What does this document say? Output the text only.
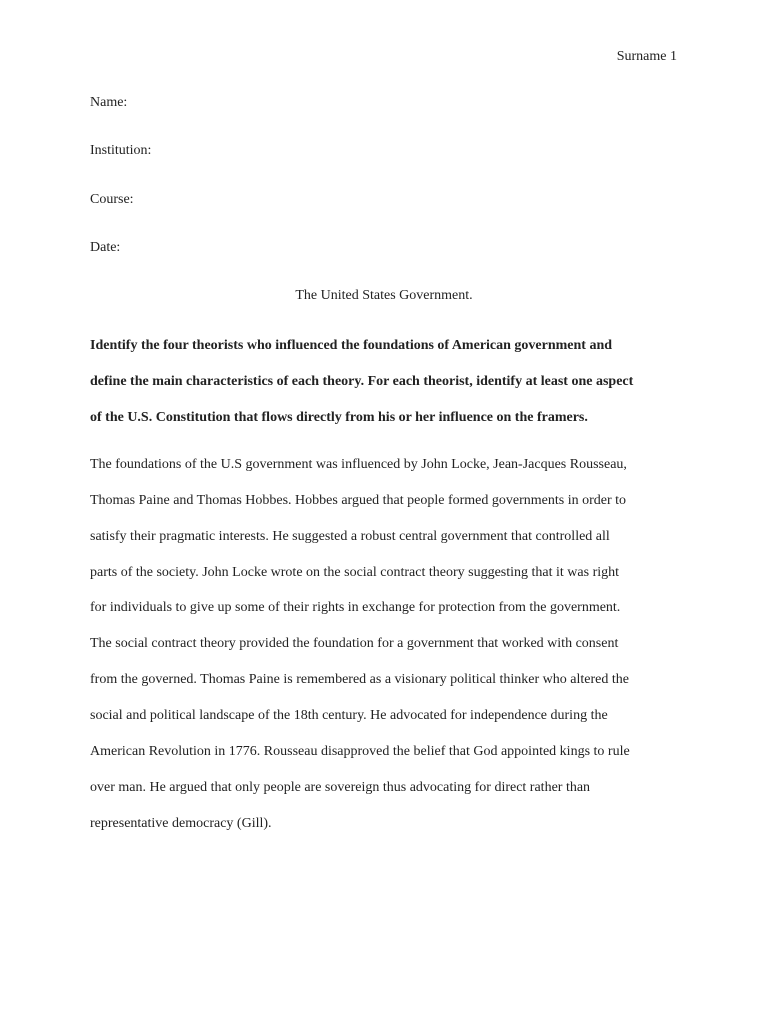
Surname 1
Name:
Institution:
Course:
Date:
The United States Government.
Identify the four theorists who influenced the foundations of American government and
define the main characteristics of each theory. For each theorist, identify at least one aspect
of the U.S. Constitution that flows directly from his or her influence on the framers.
The foundations of the U.S government was influenced by John Locke, Jean-Jacques Rousseau,
Thomas Paine and Thomas Hobbes. Hobbes argued that people formed governments in order to
satisfy their pragmatic interests. He suggested a robust central government that controlled all
parts of the society. John Locke wrote on the social contract theory suggesting that it was right
for individuals to give up some of their rights in exchange for protection from the government.
The social contract theory provided the foundation for a government that worked with consent
from the governed. Thomas Paine is remembered as a visionary political thinker who altered the
social and political landscape of the 18th century. He advocated for independence during the
American Revolution in 1776. Rousseau disapproved the belief that God appointed kings to rule
over man. He argued that only people are sovereign thus advocating for direct rather than
representative democracy (Gill).
